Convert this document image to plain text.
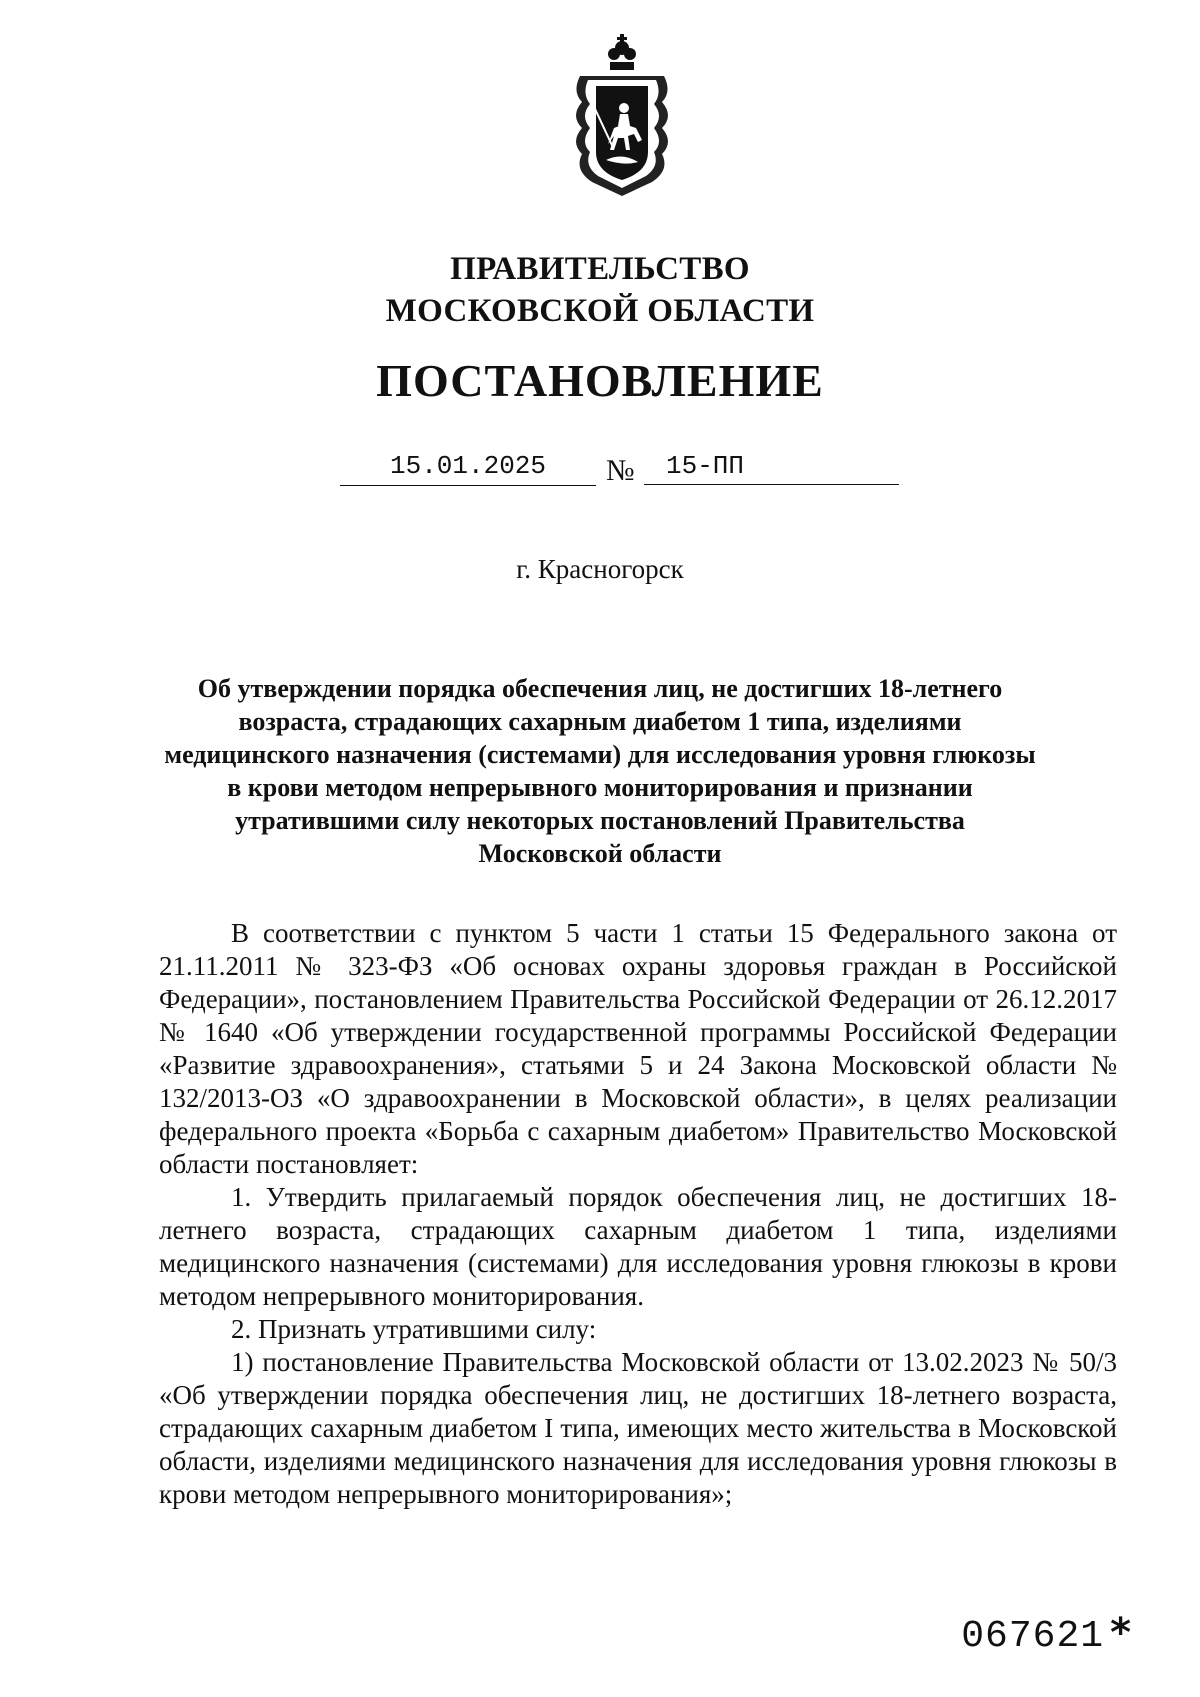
ПРАВИТЕЛЬСТВО
МОСКОВСКОЙ ОБЛАСТИ
ПОСТАНОВЛЕНИЕ
15.01.2025	№	15-ПП
г. Красногорск
Об утверждении порядка обеспечения лиц, не достигших 18-летнего возраста, страдающих сахарным диабетом 1 типа, изделиями медицинского назначения (системами) для исследования уровня глюкозы в крови методом непрерывного мониторирования и признании утратившими силу некоторых постановлений Правительства Московской области

В соответствии с пунктом 5 части 1 статьи 15 Федерального закона от 21.11.2011 № 323-ФЗ «Об основах охраны здоровья граждан в Российской Федерации», постановлением Правительства Российской Федерации от 26.12.2017 № 1640 «Об утверждении государственной программы Российской Федерации «Развитие здравоохранения», статьями 5 и 24 Закона Московской области № 132/2013-ОЗ «О здравоохранении в Московской области», в целях реализации федерального проекта «Борьба с сахарным диабетом» Правительство Московской области постановляет:

1. Утвердить прилагаемый порядок обеспечения лиц, не достигших 18-летнего возраста, страдающих сахарным диабетом 1 типа, изделиями медицинского назначения (системами) для исследования уровня глюкозы в крови методом непрерывного мониторирования.

2. Признать утратившими силу:

1) постановление Правительства Московской области от 13.02.2023 № 50/3 «Об утверждении порядка обеспечения лиц, не достигших 18-летнего возраста, страдающих сахарным диабетом I типа, имеющих место жительства в Московской области, изделиями медицинского назначения для исследования уровня глюкозы в крови методом непрерывного мониторирования»;

067621 *
